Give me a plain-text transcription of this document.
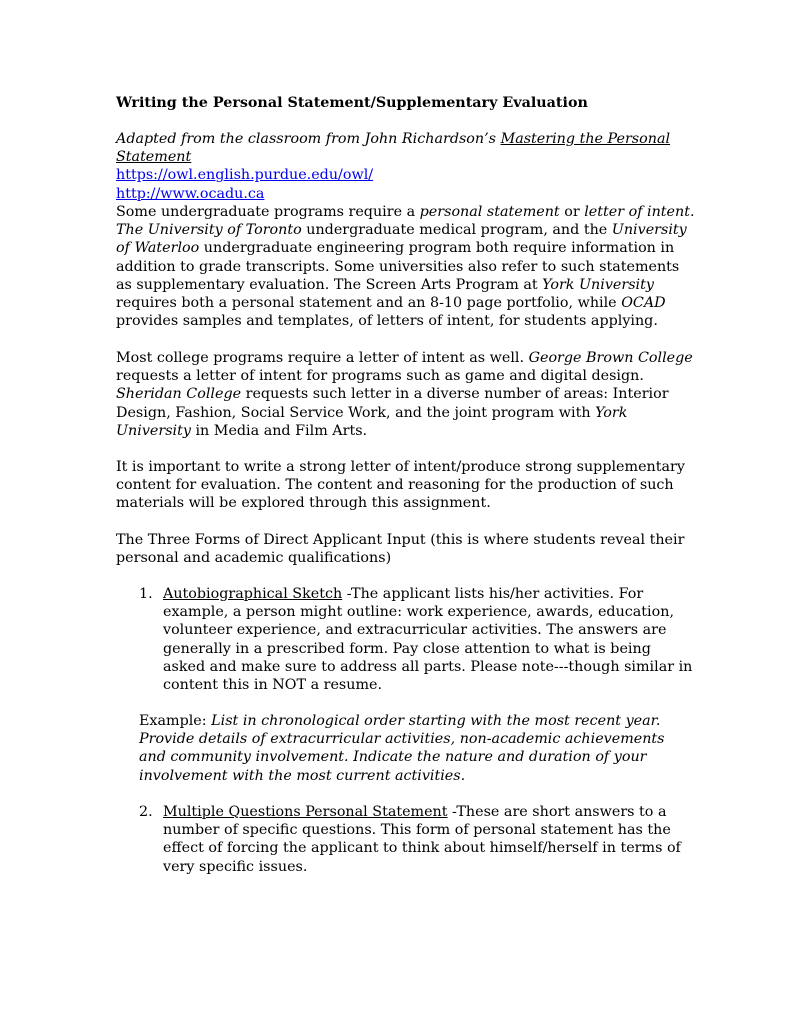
Writing the Personal Statement/Supplementary Evaluation
Adapted from the classroom from John Richardson’s Mastering the Personal Statement
https://owl.english.purdue.edu/owl/
http://www.ocadu.ca

Some undergraduate programs require a personal statement or letter of intent. The University of Toronto undergraduate medical program, and the University of Waterloo undergraduate engineering program both require information in addition to grade transcripts. Some universities also refer to such statements as supplementary evaluation. The Screen Arts Program at York University requires both a personal statement and an 8-10 page portfolio, while OCAD provides samples and templates, of letters of intent, for students applying.

Most college programs require a letter of intent as well. George Brown College requests a letter of intent for programs such as game and digital design. Sheridan College requests such letter in a diverse number of areas: Interior Design, Fashion, Social Service Work, and the joint program with York University in Media and Film Arts.

It is important to write a strong letter of intent/produce strong supplementary content for evaluation. The content and reasoning for the production of such materials will be explored through this assignment.

The Three Forms of Direct Applicant Input (this is where students reveal their personal and academic qualifications)

1. Autobiographical Sketch -The applicant lists his/her activities. For example, a person might outline: work experience, awards, education, volunteer experience, and extracurricular activities. The answers are generally in a prescribed form. Pay close attention to what is being asked and make sure to address all parts. Please note---though similar in content this in NOT a resume.

Example: List in chronological order starting with the most recent year. Provide details of extracurricular activities, non-academic achievements and community involvement. Indicate the nature and duration of your involvement with the most current activities.

2. Multiple Questions Personal Statement -These are short answers to a number of specific questions. This form of personal statement has the effect of forcing the applicant to think about himself/herself in terms of very specific issues.
